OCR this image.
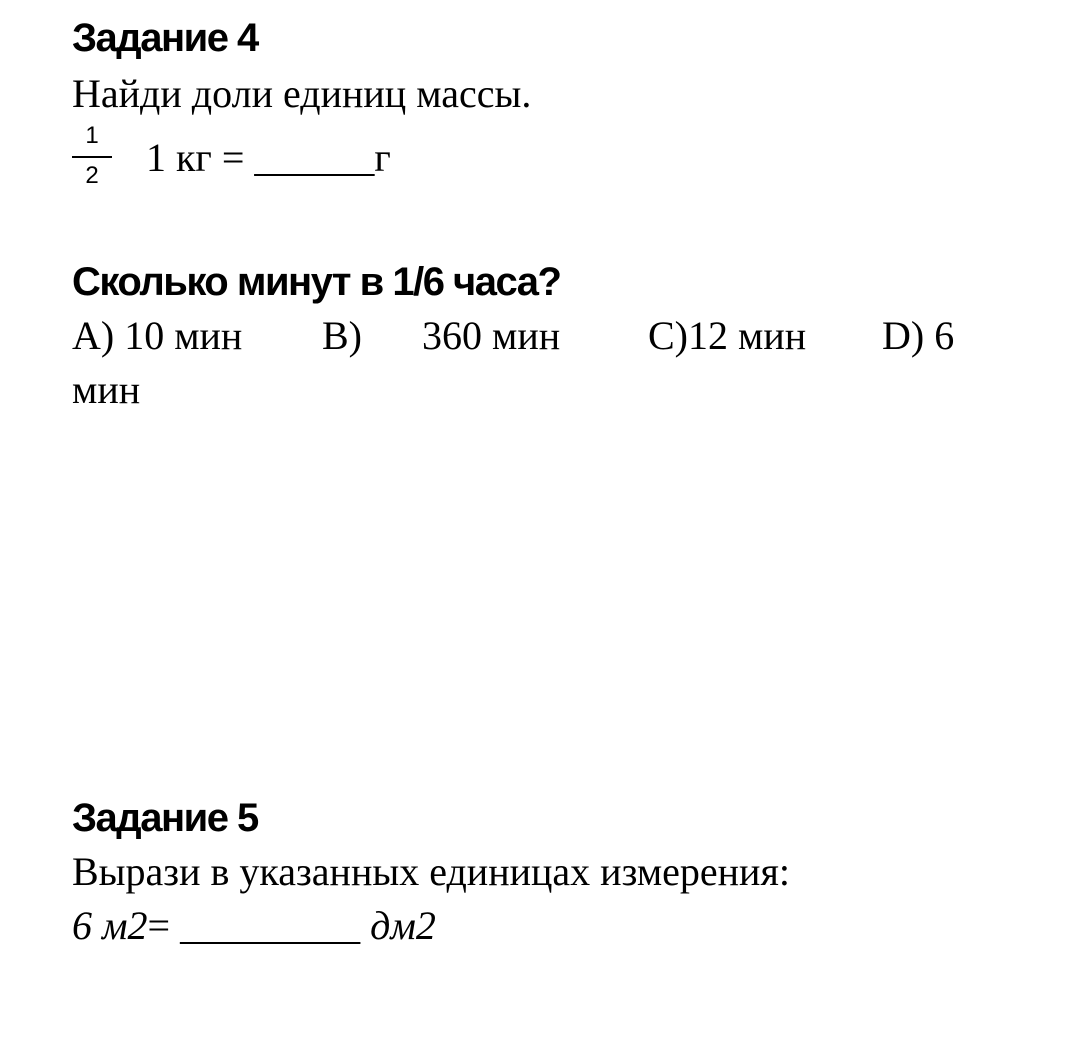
Задание 4
Найди доли единиц массы.
1
2	1 кг = ______г
Сколько минут в 1/6 часа?
А) 10 мин В) 360 мин С)12 мин D) 6
мин
Задание 5
Вырази в указанных единицах измерения:
6 м2= _________ дм2
